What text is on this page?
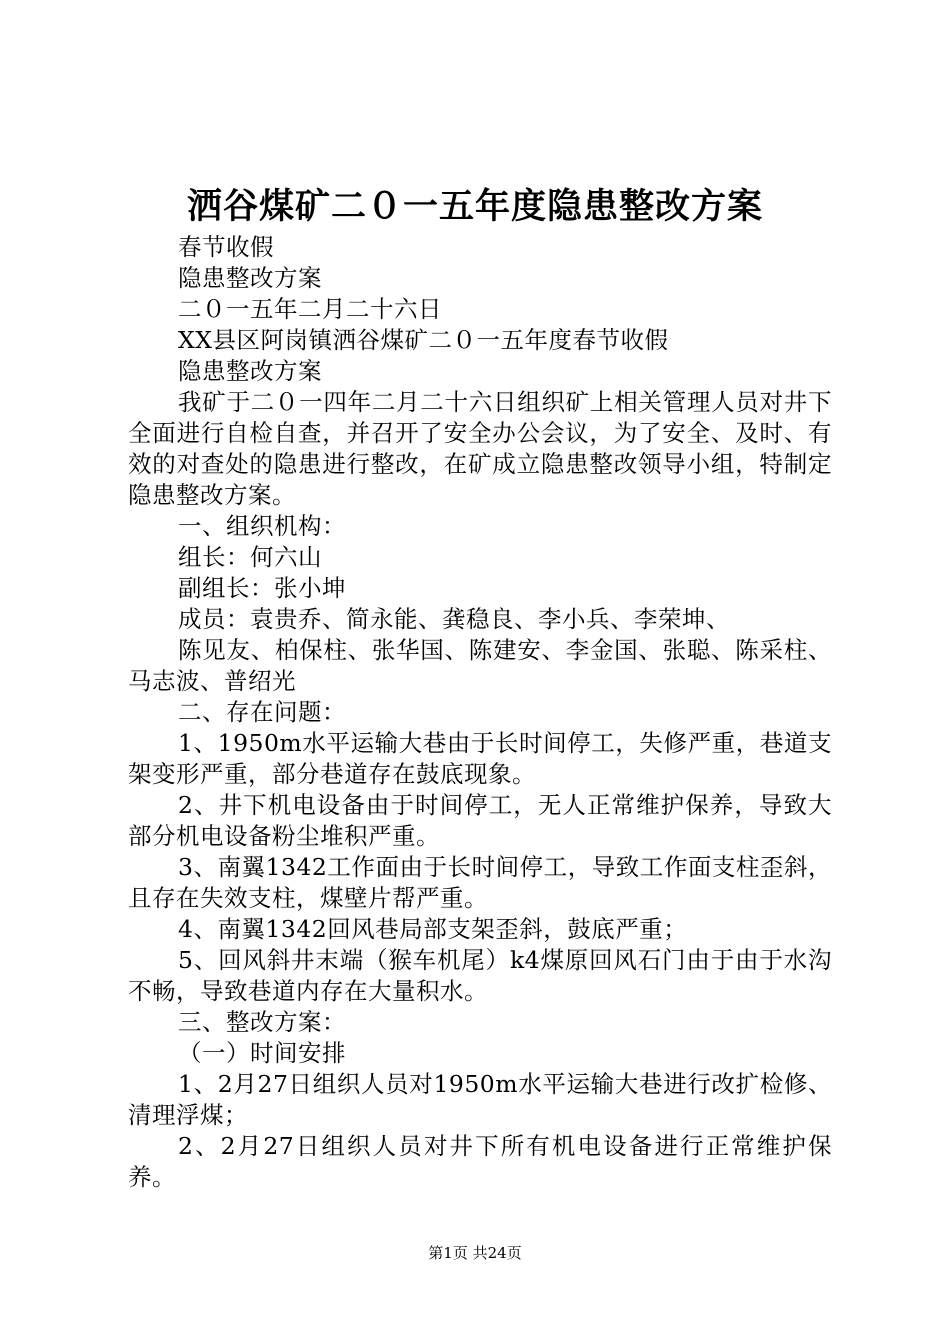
洒谷煤矿二０一五年度隐患整改方案

春节收假

隐患整改方案

二０一五年二月二十六日

XX县区阿岗镇洒谷煤矿二０一五年度春节收假

隐患整改方案

我矿于二０一四年二月二十六日组织矿上相关管理人员对井下全面进行自检自查，并召开了安全办公会议，为了安全、及时、有效的对查处的隐患进行整改，在矿成立隐患整改领导小组，特制定隐患整改方案。

一、组织机构：

组长：何六山

副组长：张小坤

成员：袁贵乔、简永能、龚稳良、李小兵、李荣坤、

陈见友、柏保柱、张华国、陈建安、李金国、张聪、陈采柱、马志波、普绍光

二、存在问题：

1、1950m水平运输大巷由于长时间停工，失修严重，巷道支架变形严重，部分巷道存在鼓底现象。

2、井下机电设备由于时间停工，无人正常维护保养，导致大部分机电设备粉尘堆积严重。

3、南翼1342工作面由于长时间停工，导致工作面支柱歪斜，且存在失效支柱，煤壁片帮严重。

4、南翼1342回风巷局部支架歪斜，鼓底严重；

5、回风斜井末端（猴车机尾）k4煤原回风石门由于由于水沟不畅，导致巷道内存在大量积水。

三、整改方案：

（一）时间安排

1、2月27日组织人员对1950m水平运输大巷进行改扩检修、清理浮煤；

2、2月27日组织人员对井下所有机电设备进行正常维护保养。

第1页 共24页
